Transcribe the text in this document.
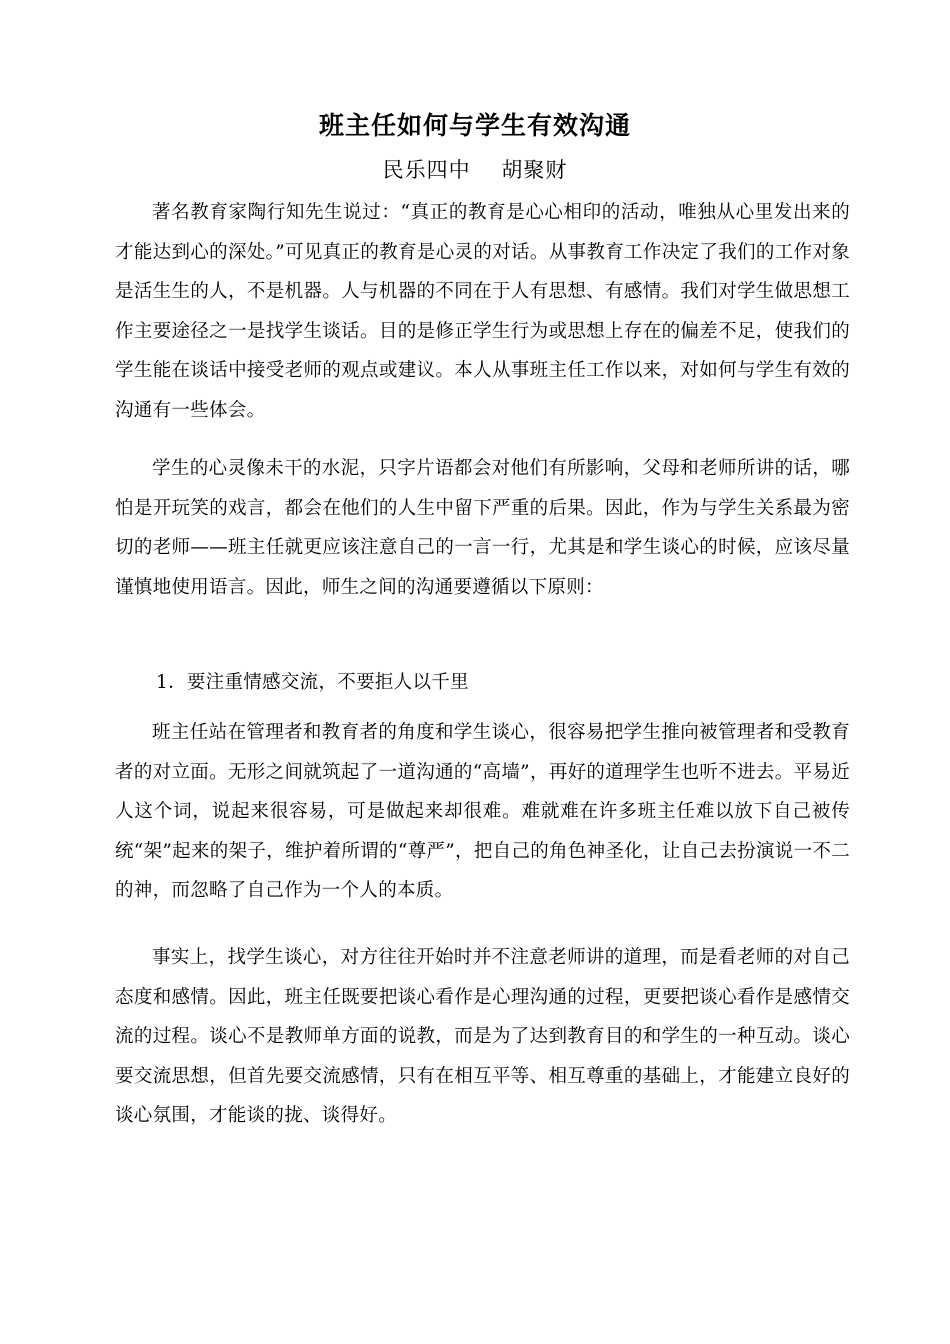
班主任如何与学生有效沟通
民乐四中    胡聚财

著名教育家陶行知先生说过：“真正的教育是心心相印的活动，唯独从心里发出来的才能达到心的深处。”可见真正的教育是心灵的对话。从事教育工作决定了我们的工作对象是活生生的人，不是机器。人与机器的不同在于人有思想、有感情。我们对学生做思想工作主要途径之一是找学生谈话。目的是修正学生行为或思想上存在的偏差不足，使我们的学生能在谈话中接受老师的观点或建议。本人从事班主任工作以来，对如何与学生有效的沟通有一些体会。

学生的心灵像未干的水泥，只字片语都会对他们有所影响，父母和老师所讲的话，哪怕是开玩笑的戏言，都会在他们的人生中留下严重的后果。因此，作为与学生关系最为密切的老师——班主任就更应该注意自己的一言一行，尤其是和学生谈心的时候，应该尽量谨慎地使用语言。因此，师生之间的沟通要遵循以下原则：

1．要注重情感交流，不要拒人以千里

班主任站在管理者和教育者的角度和学生谈心，很容易把学生推向被管理者和受教育者的对立面。无形之间就筑起了一道沟通的“高墙”，再好的道理学生也听不进去。平易近人这个词，说起来很容易，可是做起来却很难。难就难在许多班主任难以放下自己被传统“架”起来的架子，维护着所谓的“尊严”，把自己的角色神圣化，让自己去扮演说一不二的神，而忽略了自己作为一个人的本质。

事实上，找学生谈心，对方往往开始时并不注意老师讲的道理，而是看老师的对自己态度和感情。因此，班主任既要把谈心看作是心理沟通的过程，更要把谈心看作是感情交流的过程。谈心不是教师单方面的说教，而是为了达到教育目的和学生的一种互动。谈心要交流思想，但首先要交流感情，只有在相互平等、相互尊重的基础上，才能建立良好的谈心氛围，才能谈的拢、谈得好。
